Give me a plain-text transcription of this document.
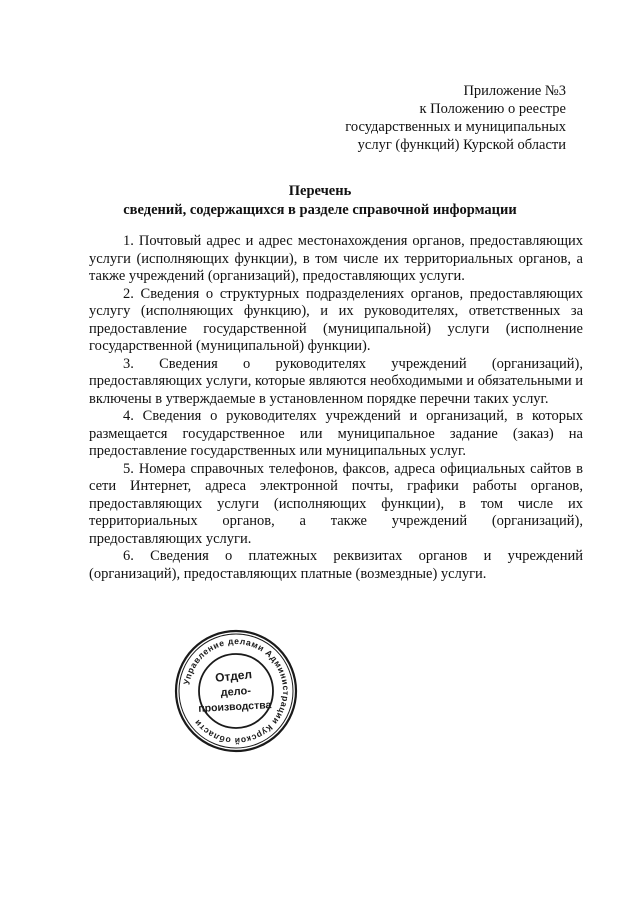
Приложение №3
к Положению о реестре
государственных и муниципальных
услуг (функций) Курской области
Перечень
сведений, содержащихся в разделе справочной информации

1. Почтовый адрес и адрес местонахождения органов, предоставляющих услуги (исполняющих функции), в том числе их территориальных органов, а также учреждений (организаций), предоставляющих услуги.

2. Сведения о структурных подразделениях органов, предоставляющих услугу (исполняющих функцию), и их руководителях, ответственных за предоставление государственной (муниципальной) услуги (исполнение государственной (муниципальной) функции).

3. Сведения о руководителях учреждений (организаций), предоставляющих услуги, которые являются необходимыми и обязательными и включены в утверждаемые в установленном порядке перечни таких услуг.

4. Сведения о руководителях учреждений и организаций, в которых размещается государственное или муниципальное задание (заказ) на предоставление государственных или муниципальных услуг.

5. Номера справочных телефонов, факсов, адреса официальных сайтов в сети Интернет, адреса электронной почты, графики работы органов, предоставляющих услуги (исполняющих функции), в том числе их территориальных органов, а также учреждений (организаций), предоставляющих услуги.

6. Сведения о платежных реквизитах органов и учреждений (организаций), предоставляющих платные (возмездные) услуги.

Управление делами Администрации Курской области
Отдел
дело-
производства
